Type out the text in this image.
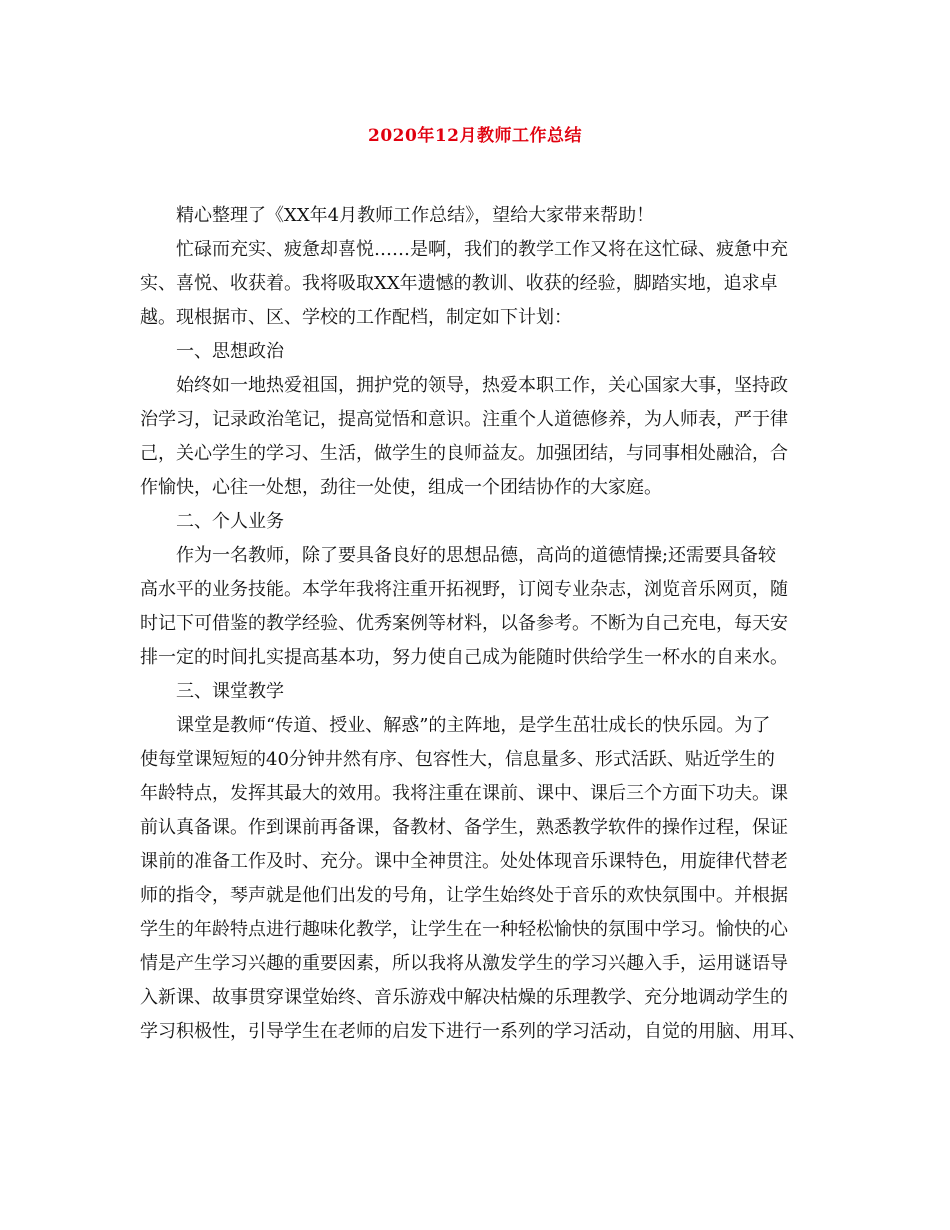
2020年12月教师工作总结
精心整理了《XX年4月教师工作总结》，望给大家带来帮助！
忙碌而充实、疲惫却喜悦……是啊，我们的教学工作又将在这忙碌、疲惫中充
实、喜悦、收获着。我将吸取XX年遗憾的教训、收获的经验，脚踏实地，追求卓
越。现根据市、区、学校的工作配档，制定如下计划：
一、思想政治
始终如一地热爱祖国，拥护党的领导，热爱本职工作，关心国家大事，坚持政
治学习，记录政治笔记，提高觉悟和意识。注重个人道德修养，为人师表，严于律
己，关心学生的学习、生活，做学生的良师益友。加强团结，与同事相处融洽，合
作愉快，心往一处想，劲往一处使，组成一个团结协作的大家庭。
二、个人业务
作为一名教师，除了要具备良好的思想品德，高尚的道德情操;还需要具备较
高水平的业务技能。本学年我将注重开拓视野，订阅专业杂志，浏览音乐网页，随
时记下可借鉴的教学经验、优秀案例等材料，以备参考。不断为自己充电，每天安
排一定的时间扎实提高基本功，努力使自己成为能随时供给学生一杯水的自来水。
三、课堂教学
课堂是教师“传道、授业、解惑”的主阵地，是学生茁壮成长的快乐园。为了
使每堂课短短的40分钟井然有序、包容性大，信息量多、形式活跃、贴近学生的
年龄特点，发挥其最大的效用。我将注重在课前、课中、课后三个方面下功夫。课
前认真备课。作到课前再备课，备教材、备学生，熟悉教学软件的操作过程，保证
课前的准备工作及时、充分。课中全神贯注。处处体现音乐课特色，用旋律代替老
师的指令，琴声就是他们出发的号角，让学生始终处于音乐的欢快氛围中。并根据
学生的年龄特点进行趣味化教学，让学生在一种轻松愉快的氛围中学习。愉快的心
情是产生学习兴趣的重要因素，所以我将从激发学生的学习兴趣入手，运用谜语导
入新课、故事贯穿课堂始终、音乐游戏中解决枯燥的乐理教学、充分地调动学生的
学习积极性，引导学生在老师的启发下进行一系列的学习活动，自觉的用脑、用耳、
